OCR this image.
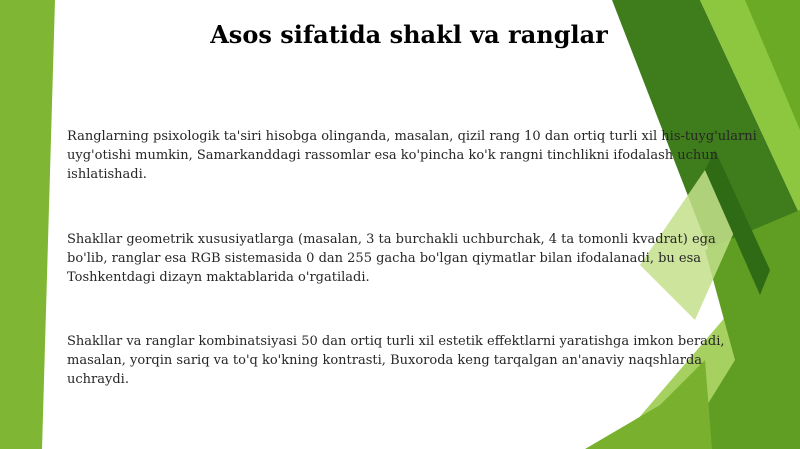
Asos sifatida shakl va ranglar
Ranglarning psixologik ta'siri hisobga olinganda, masalan, qizil rang 10 dan ortiq turli xil his-tuyg'ularni uyg'otishi mumkin, Samarkanddagi rassomlar esa ko'pincha ko'k rangni tinchlikni ifodalash uchun ishlatishadi.
Shakllar geometrik xususiyatlarga (masalan, 3 ta burchakli uchburchak, 4 ta tomonli kvadrat) ega bo'lib, ranglar esa RGB sistemasida 0 dan 255 gacha bo'lgan qiymatlar bilan ifodalanadi, bu esa Toshkentdagi dizayn maktablarida o'rgatiladi.
Shakllar va ranglar kombinatsiyasi 50 dan ortiq turli xil estetik effektlarni yaratishga imkon beradi, masalan, yorqin sariq va to'q ko'kning kontrasti, Buxoroda keng tarqalgan an'anaviy naqshlarda uchraydi.
